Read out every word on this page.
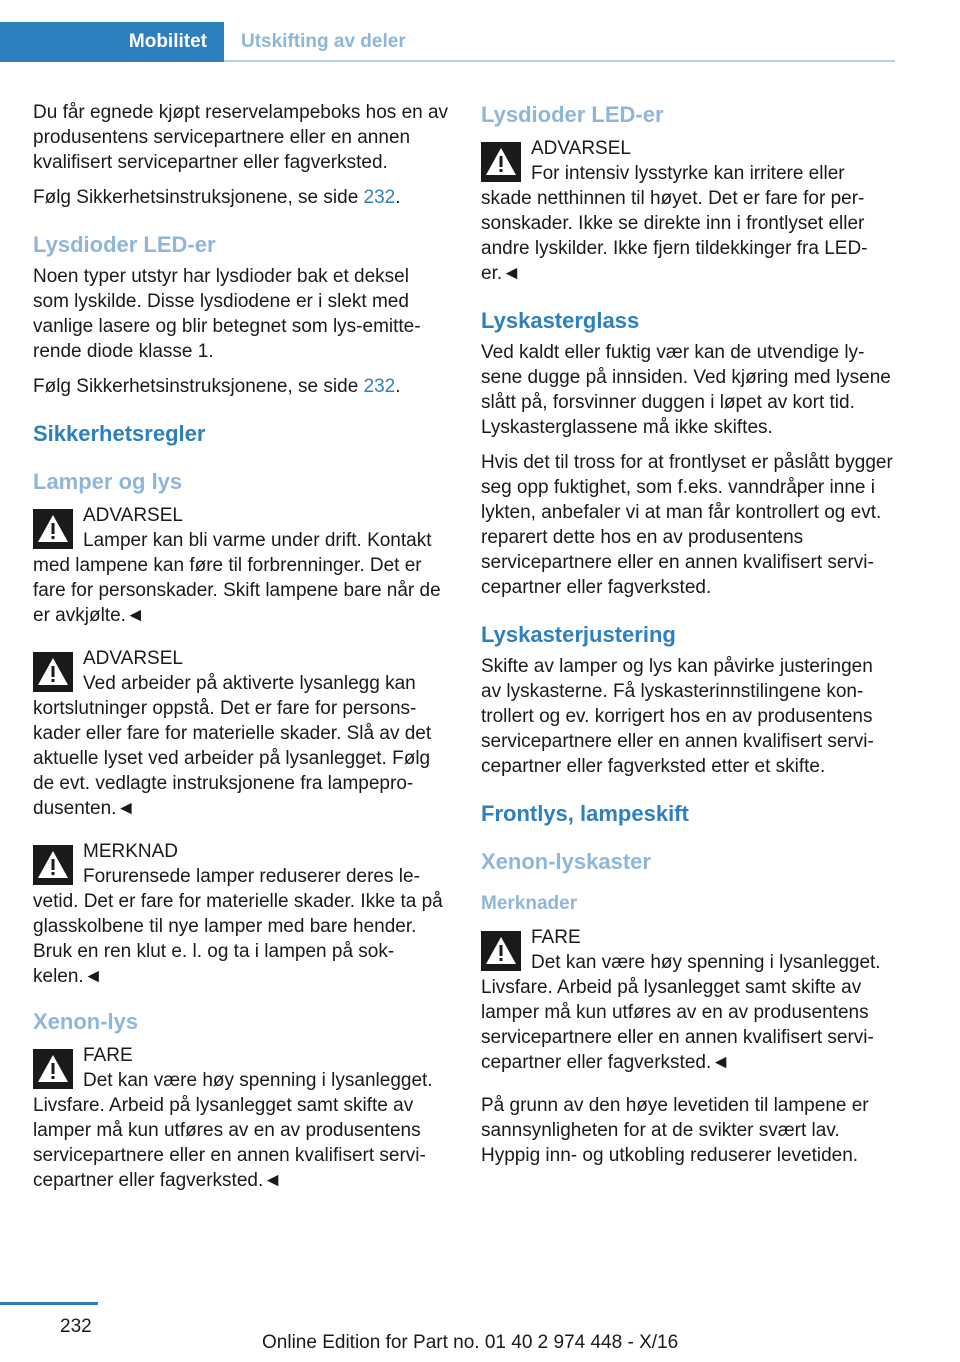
Mobilitet	Utskifting av deler

Du får egnede kjøpt reservelampeboks hos en av produsentens servicepartnere eller en annen kvalifisert servicepartner eller fagverksted.

Følg Sikkerhetsinstruksjonene, se side 232.

Lysdioder LED-er

Noen typer utstyr har lysdioder bak et deksel som lyskilde. Disse lysdiodene er i slekt med vanlige lasere og blir betegnet som lys-emitterende diode klasse 1.

Følg Sikkerhetsinstruksjonene, se side 232.

Sikkerhetsregler
Lamper og lys
ADVARSEL
Lamper kan bli varme under drift. Kontakt med lampene kan føre til forbrenninger. Det er fare for personskader. Skift lampene bare når de er avkjølte.◄
ADVARSEL
Ved arbeider på aktiverte lysanlegg kan kortslutninger oppstå. Det er fare for personskader eller fare for materielle skader. Slå av det aktuelle lyset ved arbeider på lysanlegget. Følg de evt. vedlagte instruksjonene fra lampeprodusenten.◄
MERKNAD
Forurensede lamper reduserer deres levetid. Det er fare for materielle skader. Ikke ta på glasskolbene til nye lamper med bare hender. Bruk en ren klut e. l. og ta i lampen på sokkelen.◄
Xenon-lys
FARE
Det kan være høy spenning i lysanlegget. Livsfare. Arbeid på lysanlegget samt skifte av lamper må kun utføres av en av produsentens servicepartnere eller en annen kvalifisert servicepartner eller fagverksted.◄
Lysdioder LED-er
ADVARSEL
For intensiv lysstyrke kan irritere eller skade netthinnen til høyet. Det er fare for personskader. Ikke se direkte inn i frontlyset eller andre lyskilder. Ikke fjern tildekkinger fra LED-er.◄
Lyskasterglass

Ved kaldt eller fuktig vær kan de utvendige lysene dugge på innsiden. Ved kjøring med lysene slått på, forsvinner duggen i løpet av kort tid. Lyskasterglassene må ikke skiftes.

Hvis det til tross for at frontlyset er påslått bygger seg opp fuktighet, som f.eks. vanndråper inne i lykten, anbefaler vi at man får kontrollert og evt. reparert dette hos en av produsentens servicepartnere eller en annen kvalifisert servicepartner eller fagverksted.

Lyskasterjustering

Skifte av lamper og lys kan påvirke justeringen av lyskasterne. Få lyskasterinnstilingene kontrollert og ev. korrigert hos en av produsentens servicepartnere eller en annen kvalifisert servicepartner eller fagverksted etter et skifte.

Frontlys, lampeskift
Xenon-lyskaster
Merknader
FARE
Det kan være høy spenning i lysanlegget. Livsfare. Arbeid på lysanlegget samt skifte av lamper må kun utføres av en av produsentens servicepartnere eller en annen kvalifisert servicepartner eller fagverksted.◄

På grunn av den høye levetiden til lampene er sannsynligheten for at de svikter svært lav. Hyppig inn- og utkobling reduserer levetiden.

232
Online Edition for Part no. 01 40 2 974 448 - X/16
